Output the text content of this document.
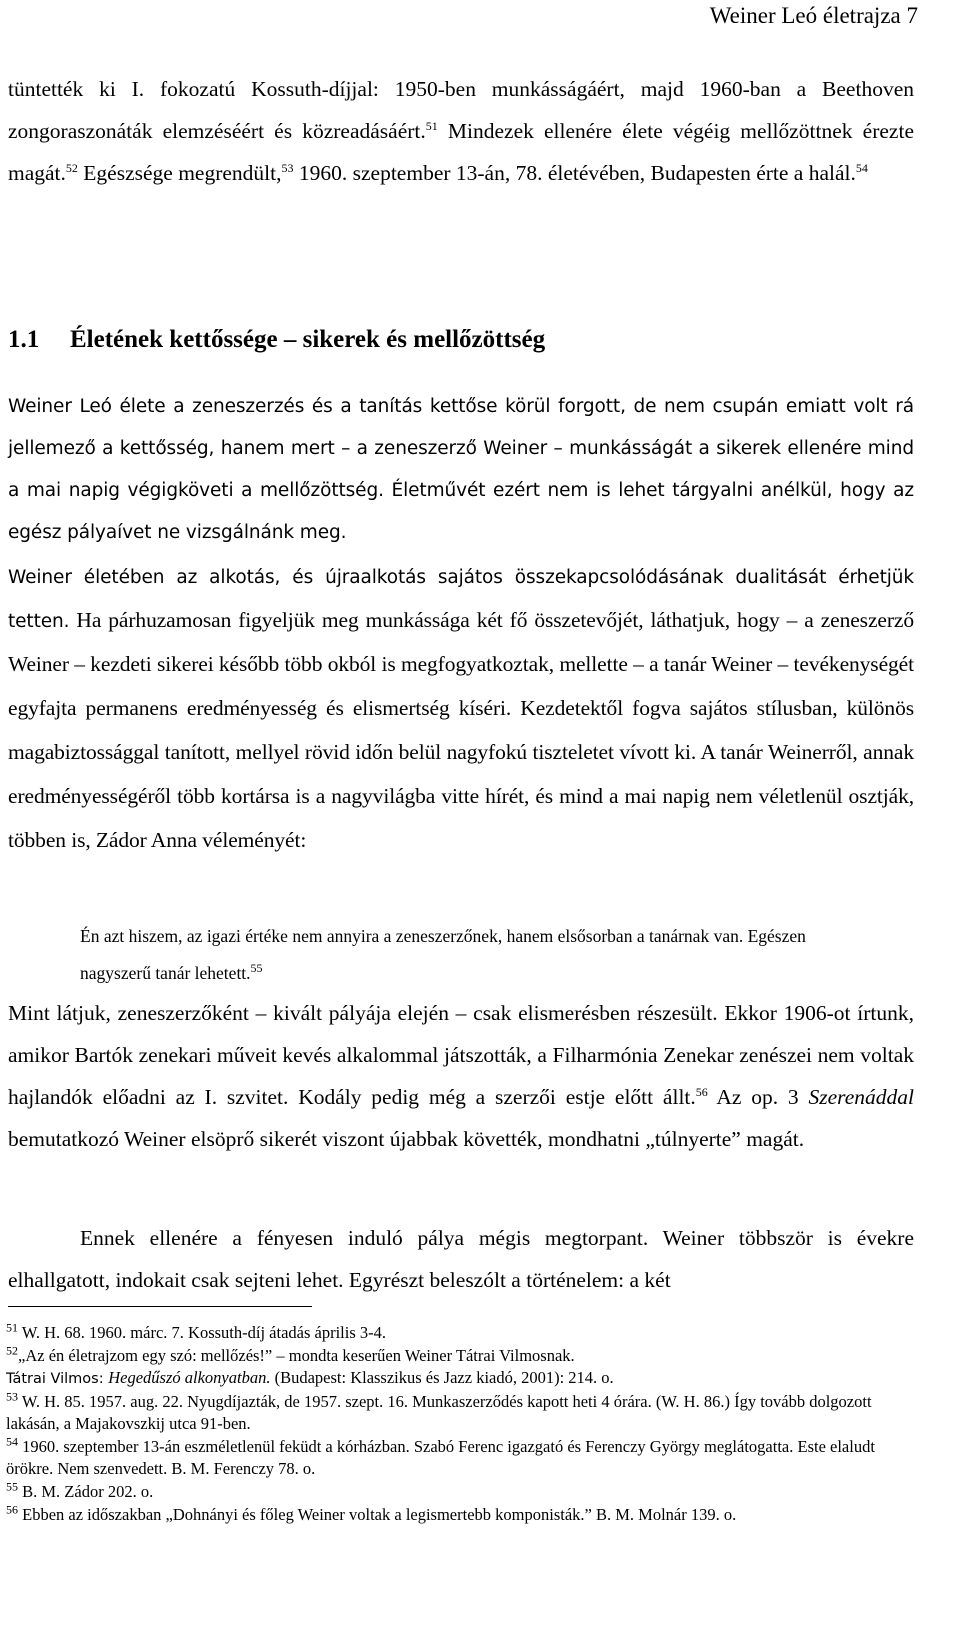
Weiner Leó életrajza 7
tüntették ki I. fokozatú Kossuth-díjjal: 1950-ben munkásságáért, majd 1960-ban a Beethoven zongoraszonáták elemzéséért és közreadásáért.$^{51}$ Mindezek ellenére élete végéig mellőzöttnek érezte magát.$^{52}$ Egészsége megrendült,$^{53}$ 1960. szeptember 13-án, 78. életévében, Budapesten érte a halál.$^{54}$
1.1 Életének kettőssége – sikerek és mellőzöttség
Weiner Leó élete a zeneszerzés és a tanítás kettőse körül forgott, de nem csupán emiatt volt rá jellemező a kettősség, hanem mert – a zeneszerző Weiner – munkásságát a sikerek ellenére mind a mai napig végigköveti a mellőzöttség. Életművét ezért nem is lehet tárgyalni anélkül, hogy az egész pályaívet ne vizsgálnánk meg.
Weiner életében az alkotás, és újraalkotás sajátos összekapcsolódásának dualitását érhetjük tetten. Ha párhuzamosan figyeljük meg munkássága két fő összetevőjét, láthatjuk, hogy – a zeneszerző Weiner – kezdeti sikerei később több okból is megfogyatkoztak, mellette – a tanár Weiner – tevékenységét egyfajta permanens eredményesség és elismertség kíséri. Kezdetektől fogva sajátos stílusban, különös magabiztossággal tanított, mellyel rövid időn belül nagyfokú tiszteletet vívott ki. A tanár Weinerről, annak eredményességéről több kortársa is a nagyvilágba vitte hírét, és mind a mai napig nem véletlenül osztják, többen is, Zádor Anna véleményét:
Én azt hiszem, az igazi értéke nem annyira a zeneszerzőnek, hanem elsősorban a tanárnak van. Egészen nagyszerű tanár lehetett.$^{55}$
Mint látjuk, zeneszerzőként – kivált pályája elején – csak elismerésben részesült. Ekkor 1906-ot írtunk, amikor Bartók zenekari műveit kevés alkalommal játszották, a Filharmónia Zenekar zenészei nem voltak hajlandók előadni az I. szvitet. Kodály pedig még a szerzői estje előtt állt.$^{56}$ Az op. 3 Szerenáddal bemutatkozó Weiner elsöprő sikerét viszont újabbak követték, mondhatni „túlnyerte” magát.
Ennek ellenére a fényesen induló pálya mégis megtorpant. Weiner többször is évekre elhallgatott, indokait csak sejteni lehet. Egyrészt beleszólt a történelem: a két
$^{51}$ W. H. 68. 1960. márc. 7. Kossuth-díj átadás április 3-4.
$^{52}$„Az én életrajzom egy szó: mellőzés!” – mondta keserűen Weiner Tátrai Vilmosnak.
Tátrai Vilmos: Hegedűszó alkonyatban. (Budapest: Klasszikus és Jazz kiadó, 2001): 214. o.
$^{53}$ W. H. 85. 1957. aug. 22. Nyugdíjazták, de 1957. szept. 16. Munkaszerződés kapott heti 4 órára. (W. H. 86.) Így tovább dolgozott lakásán, a Majakovszkij utca 91-ben.
$^{54}$ 1960. szeptember 13-án eszméletlenül feküdt a kórházban. Szabó Ferenc igazgató és Ferenczy György meglátogatta. Este elaludt örökre. Nem szenvedett. B. M. Ferenczy 78. o.
$^{55}$ B. M. Zádor 202. o.
$^{56}$ Ebben az időszakban „Dohnányi és főleg Weiner voltak a legismertebb komponisták.” B. M. Molnár 139. o.
